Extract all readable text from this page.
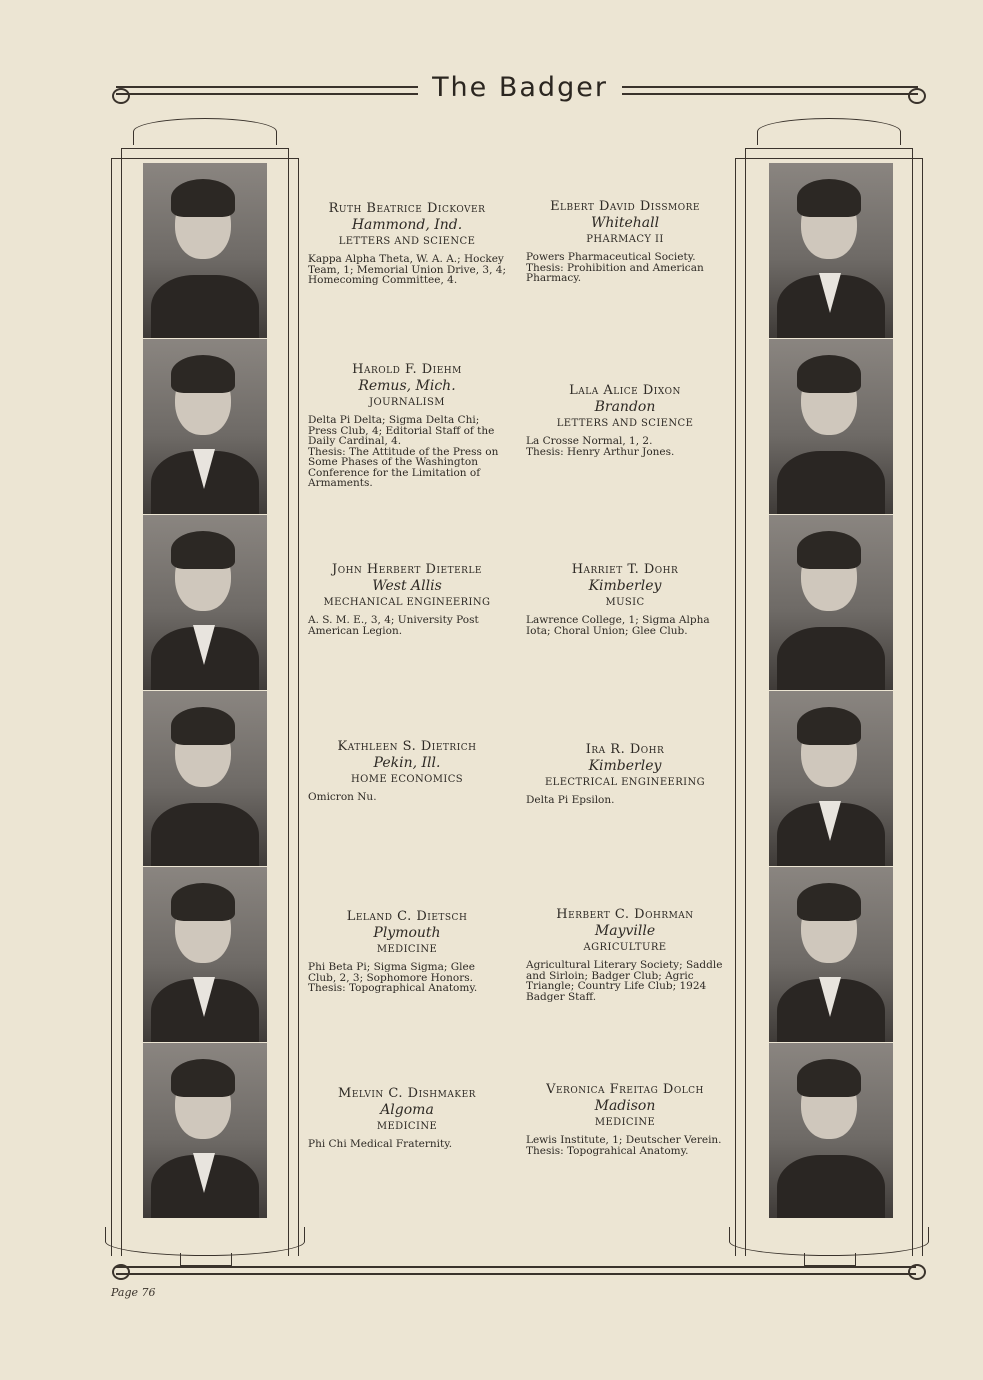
The Badger
Ruth Beatrice Dickover
Hammond, Ind.
LETTERS AND SCIENCE
Kappa Alpha Theta, W. A. A.; Hockey Team, 1; Memorial Union Drive, 3, 4; Homecoming Committee, 4.
Harold F. Diehm
Remus, Mich.
JOURNALISM
Delta Pi Delta; Sigma Delta Chi; Press Club, 4; Editorial Staff of the Daily Cardinal, 4.
Thesis: The Attitude of the Press on Some Phases of the Washington Conference for the Limitation of Armaments.
John Herbert Dieterle
West Allis
MECHANICAL ENGINEERING
A. S. M. E., 3, 4; University Post American Legion.
Kathleen S. Dietrich
Pekin, Ill.
HOME ECONOMICS
Omicron Nu.
Leland C. Dietsch
Plymouth
MEDICINE
Phi Beta Pi; Sigma Sigma; Glee Club, 2, 3; Sophomore Honors.
Thesis: Topographical Anatomy.
Melvin C. Dishmaker
Algoma
MEDICINE
Phi Chi Medical Fraternity.
Elbert David Dissmore
Whitehall
PHARMACY II
Powers Pharmaceutical Society.
Thesis: Prohibition and American Pharmacy.
Lala Alice Dixon
Brandon
LETTERS AND SCIENCE
La Crosse Normal, 1, 2.
Thesis: Henry Arthur Jones.
Harriet T. Dohr
Kimberley
MUSIC
Lawrence College, 1; Sigma Alpha Iota; Choral Union; Glee Club.
Ira R. Dohr
Kimberley
ELECTRICAL ENGINEERING
Delta Pi Epsilon.
Herbert C. Dohrman
Mayville
AGRICULTURE
Agricultural Literary Society; Saddle and Sirloin; Badger Club; Agric Triangle; Country Life Club; 1924 Badger Staff.
Veronica Freitag Dolch
Madison
MEDICINE
Lewis Institute, 1; Deutscher Verein.
Thesis: Topograhical Anatomy.
Page 76
